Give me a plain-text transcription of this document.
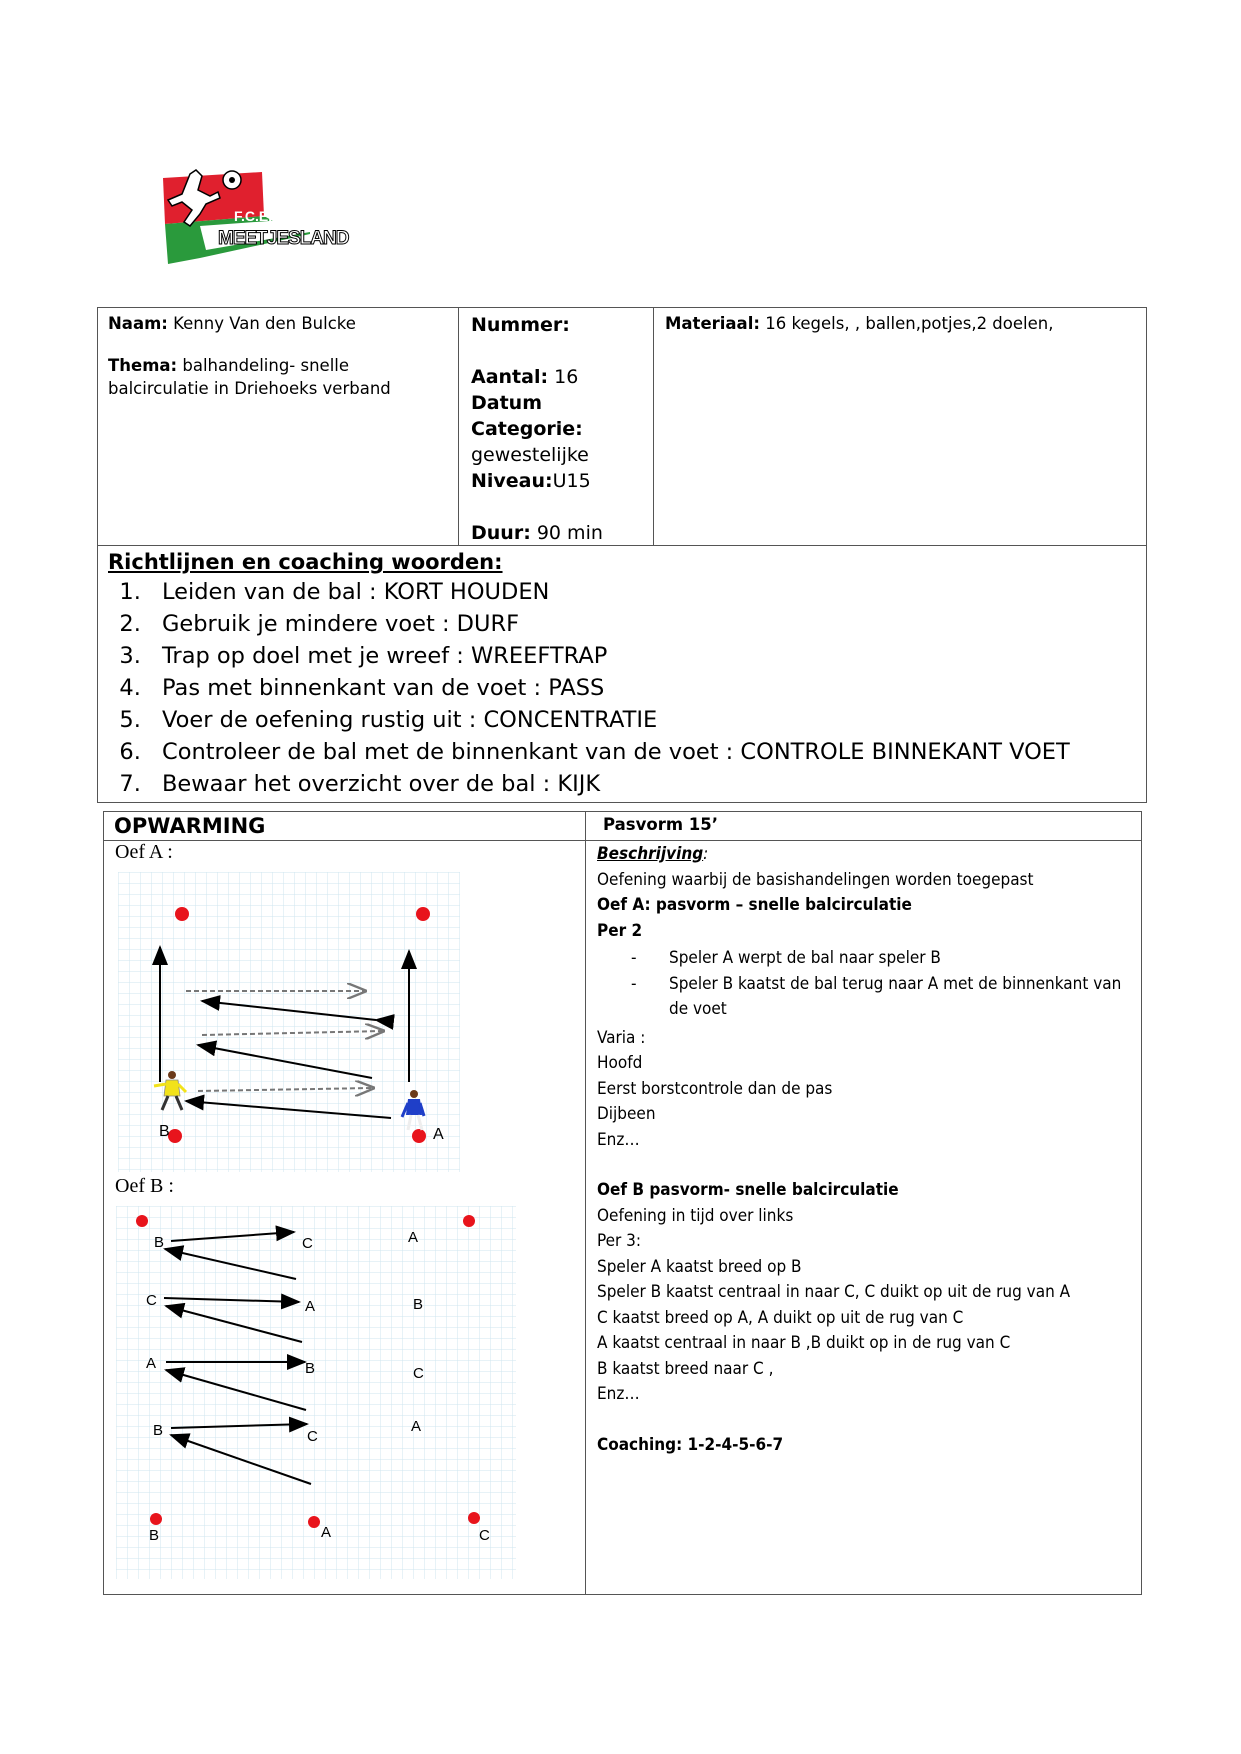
F.C.E.
MEETJESLAND
Naam: Kenny Van den Bulcke
Thema: balhandeling- snelle balcirculatie in Driehoeks verband
Nummer:
Aantal: 16
Datum
Categorie:
gewestelijke
Niveau:U15
Duur: 90 min
Materiaal: 16 kegels, , ballen,potjes,2 doelen,
Richtlijnen en coaching woorden:
1. Leiden van de bal : KORT HOUDEN
2. Gebruik je mindere voet : DURF
3. Trap op doel met je wreef : WREEFTRAP
4. Pas met binnenkant van de voet : PASS
5. Voer de oefening rustig uit : CONCENTRATIE
6. Controleer de bal met de binnenkant van de voet : CONTROLE BINNEKANT VOET
7. Bewaar het overzicht over de bal : KIJK
OPWARMING	Pasvorm 15’
Oef A :
B	A
Oef B :
B	C	A
C	A	B
A	B	C
B	C
A
B	A	C
Beschrijving:
Oefening waarbij de basishandelingen worden toegepast
Oef A: pasvorm – snelle balcirculatie
Per 2
-	Speler A werpt de bal naar speler B
-	Speler B kaatst de bal terug naar A met de binnenkant van de voet
Varia :
Hoofd
Eerst borstcontrole dan de pas
Dijbeen
Enz…
Oef B pasvorm- snelle balcirculatie
Oefening in tijd over links
Per 3:
Speler A kaatst breed op B
Speler B kaatst centraal in naar C, C duikt op uit de rug van A
C kaatst breed op A, A duikt op uit de rug van C
A kaatst centraal in naar B ,B duikt op in de rug van C
B kaatst breed naar C ,
Enz…
Coaching: 1-2-4-5-6-7
